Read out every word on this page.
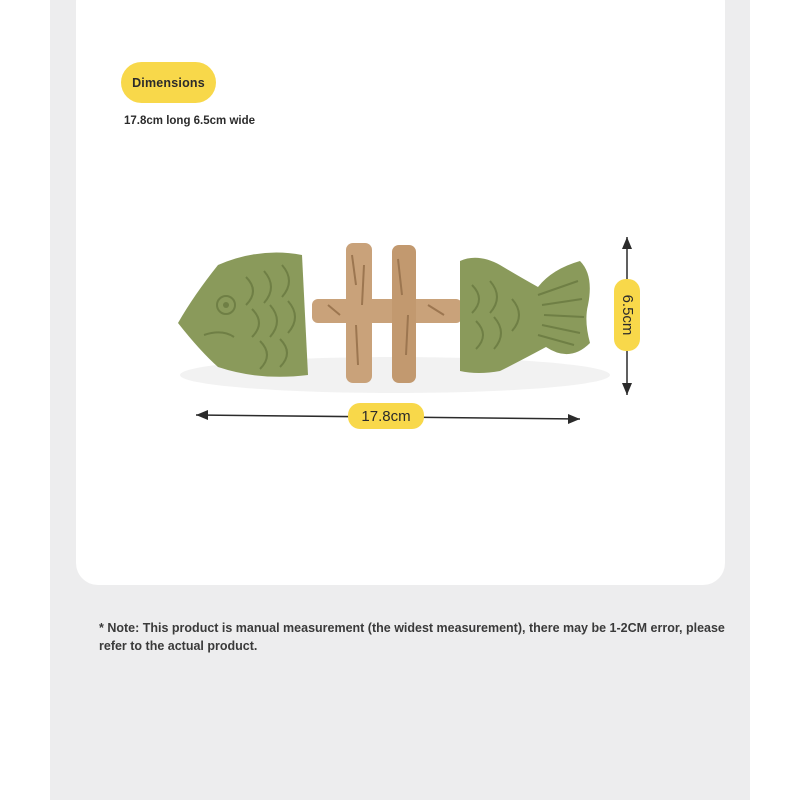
Dimensions
17.8cm long 6.5cm wide
17.8cm
6.5cm
* Note: This product is manual measurement (the widest measurement), there may be 1-2CM error, please refer to the actual product.
